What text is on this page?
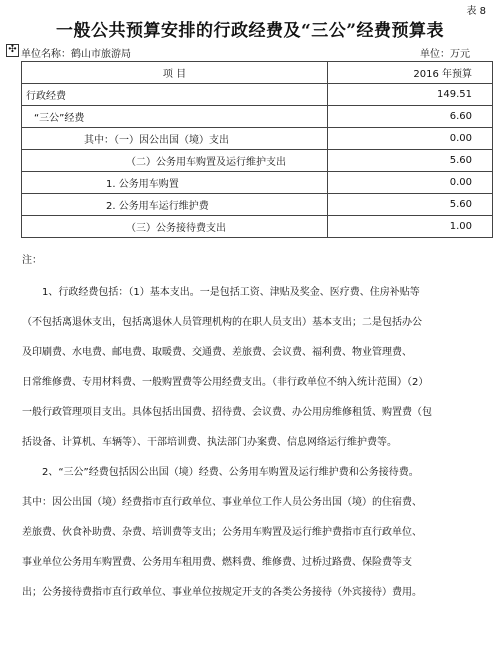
表 8
一般公共预算安排的行政经费及“三公”经费预算表
✣ 单位名称：鹤山市旅游局	单位：万元
项 目	2016 年预算
行政经费	149.51
“三公”经费	6.60
其中：（一）因公出国（境）支出	0.00
（二）公务用车购置及运行维护支出	5.60
1. 公务用车购置	0.00
2. 公务用车运行维护费	5.60
（三）公务接待费支出	1.00

注：

1、行政经费包括：（1）基本支出。一是包括工资、津贴及奖金、医疗费、住房补贴等

（不包括离退休支出，包括离退休人员管理机构的在职人员支出）基本支出；二是包括办公

及印刷费、水电费、邮电费、取暖费、交通费、差旅费、会议费、福利费、物业管理费、

日常维修费、专用材料费、一般购置费等公用经费支出。（非行政单位不纳入统计范围）（2）

一般行政管理项目支出。具体包括出国费、招待费、会议费、办公用房维修租赁、购置费（包

括设备、计算机、车辆等）、干部培训费、执法部门办案费、信息网络运行维护费等。

2、“三公”经费包括因公出国（境）经费、公务用车购置及运行维护费和公务接待费。

其中：因公出国（境）经费指市直行政单位、事业单位工作人员公务出国（境）的住宿费、

差旅费、伙食补助费、杂费、培训费等支出；公务用车购置及运行维护费指市直行政单位、

事业单位公务用车购置费、公务用车租用费、燃料费、维修费、过桥过路费、保险费等支

出；公务接待费指市直行政单位、事业单位按规定开支的各类公务接待（外宾接待）费用。
